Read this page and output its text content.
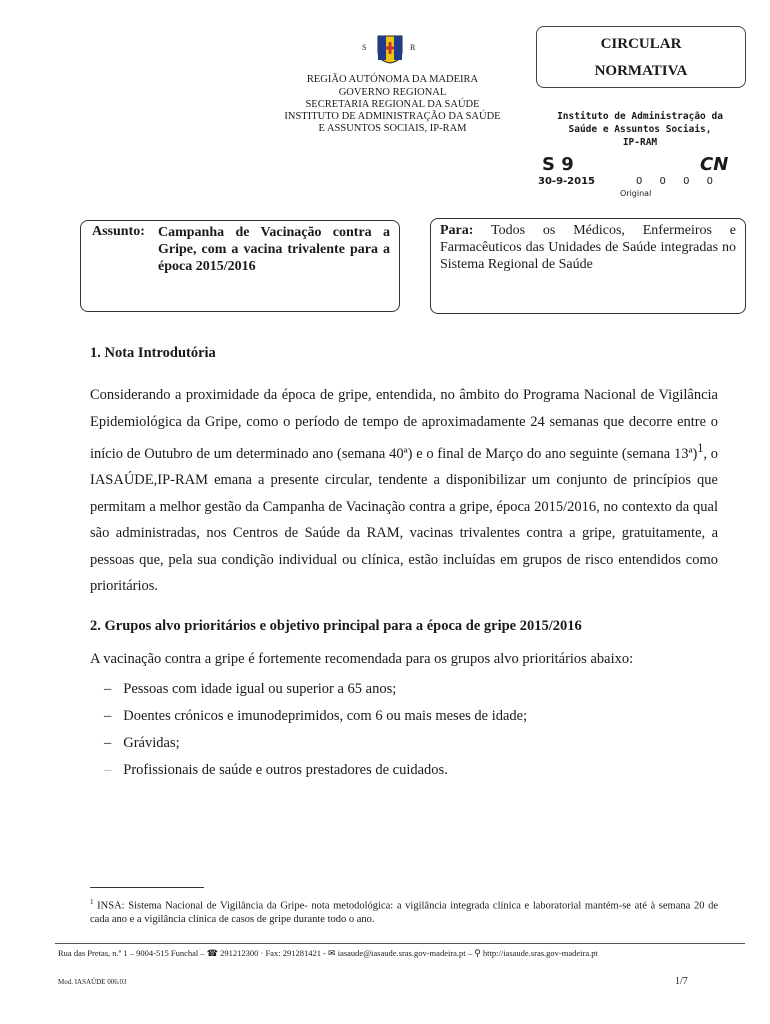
S	R
REGIÃO AUTÓNOMA DA MADEIRA
GOVERNO REGIONAL
SECRETARIA REGIONAL DA SAÚDE
INSTITUTO DE ADMINISTRAÇÃO DA SAÚDE
E ASSUNTOS SOCIAIS, IP-RAM
CIRCULAR
NORMATIVA
Instituto de Administração da
Saúde e Assuntos Sociais,
IP-RAM
S 9	CN
30-9-2015	0 0 0 0
Original
Assunto: Campanha de Vacinação contra a Gripe, com a vacina trivalente para a época 2015/2016
Para: Todos os Médicos, Enfermeiros e Farmacêuticos das Unidades de Saúde integradas no Sistema Regional de Saúde
1. Nota Introdutória
Considerando a proximidade da época de gripe, entendida, no âmbito do Programa Nacional de Vigilância Epidemiológica da Gripe, como o período de tempo de aproximadamente 24 semanas que decorre entre o início de Outubro de um determinado ano (semana 40ª) e o final de Março do ano seguinte (semana 13ª)$^1$, o IASAÚDE,IP-RAM emana a presente circular, tendente a disponibilizar um conjunto de princípios que permitam a melhor gestão da Campanha de Vacinação contra a gripe, época 2015/2016, no contexto da qual são administradas, nos Centros de Saúde da RAM, vacinas trivalentes contra a gripe, gratuitamente, a pessoas que, pela sua condição individual ou clínica, estão incluídas em grupos de risco entendidos como prioritários.
2. Grupos alvo prioritários e objetivo principal para a época de gripe 2015/2016
A vacinação contra a gripe é fortemente recomendada para os grupos alvo prioritários abaixo:
– Pessoas com idade igual ou superior a 65 anos;
– Doentes crónicos e imunodeprimidos, com 6 ou mais meses de idade;
– Grávidas;
– Profissionais de saúde e outros prestadores de cuidados.
$^1$ INSA: Sistema Nacional de Vigilância da Gripe- nota metodológica: a vigilância integrada clínica e laboratorial mantém-se até à semana 20 de cada ano e a vigilância clínica de casos de gripe durante todo o ano.
Rua das Pretas, n.º 1 – 9004-515 Funchal – ☎ 291212300 · Fax: 291281421 - ✉ iasaude@iasaude.sras.gov-madeira.pt – ⚲ http://iasaude.sras.gov-madeira.pt
Mod. IASAÚDE 006.03	1/7
